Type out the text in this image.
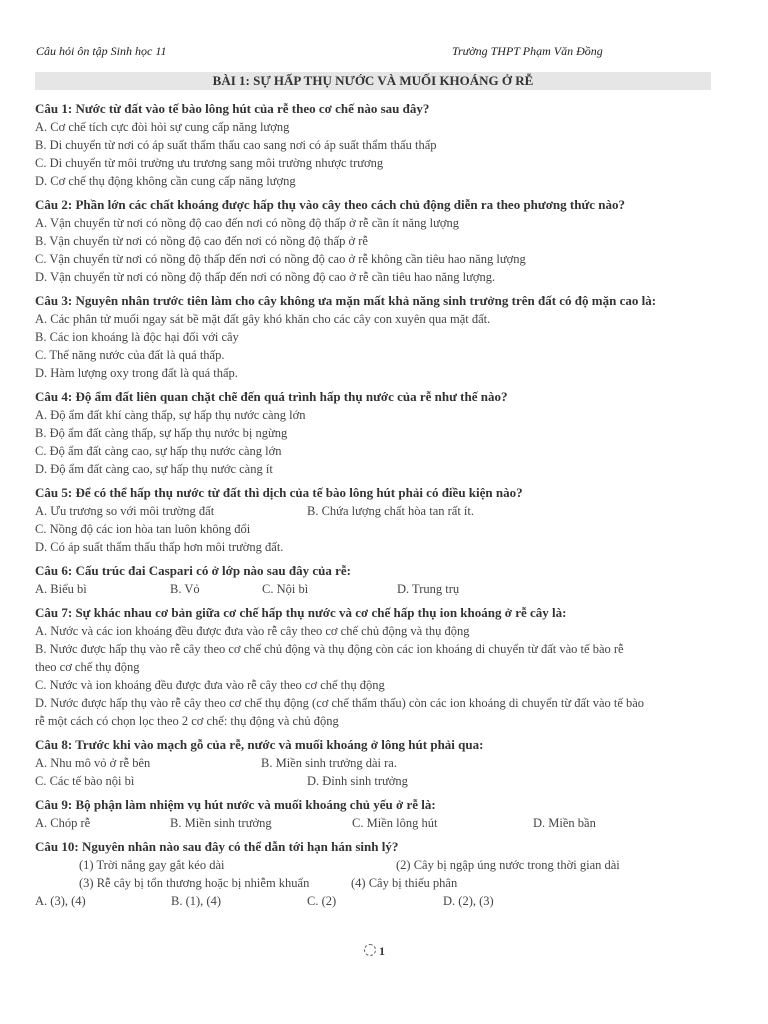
Câu hỏi ôn tập Sinh học 11	Trường THPT Phạm Văn Đồng
BÀI 1: SỰ HẤP THỤ NƯỚC VÀ MUỐI KHOÁNG Ở RỄ
Câu 1: Nước từ đất vào tế bào lông hút của rễ theo cơ chế nào sau đây?
A. Cơ chế tích cực đòi hỏi sự cung cấp năng lượng
B. Di chuyển từ nơi có áp suất thẩm thấu cao sang nơi có áp suất thẩm thấu thấp
C. Di chuyển từ môi trường ưu trương sang môi trường nhược trương
D. Cơ chế thụ động không cần cung cấp năng lượng
Câu 2: Phần lớn các chất khoáng được hấp thụ vào cây theo cách chủ động diễn ra theo phương thức nào?
A. Vận chuyển từ nơi có nồng độ cao đến nơi có nồng độ thấp ở rễ cần ít năng lượng
B. Vận chuyển từ nơi có nồng độ cao đến nơi có nồng độ thấp ở rễ
C. Vận chuyển từ nơi có nồng độ thấp đến nơi có nồng độ cao ở rễ không cần tiêu hao năng lượng
D. Vận chuyển từ nơi có nồng độ thấp đến nơi có nồng độ cao ở rễ cần tiêu hao năng lượng.
Câu 3: Nguyên nhân trước tiên làm cho cây không ưa mặn mất khả năng sinh trưởng trên đất có độ mặn cao là:
A. Các phân tử muối ngay sát bề mặt đất gây khó khăn cho các cây con xuyên qua mặt đất.
B. Các ion khoáng là độc hại đối với cây
C. Thế năng nước của đất là quá thấp.
D. Hàm lượng oxy trong đất là quá thấp.
Câu 4: Độ ẩm đất liên quan chặt chẽ đến quá trình hấp thụ nước của rễ như thế nào?
A. Độ ẩm đất khí càng thấp, sự hấp thụ nước càng lớn
B. Độ ẩm đất càng thấp, sự hấp thụ nước bị ngừng
C. Độ ẩm đất càng cao, sự hấp thụ nước càng lớn
D. Độ ẩm đất càng cao, sự hấp thụ nước càng ít
Câu 5: Để có thể hấp thụ nước từ đất thì dịch của tế bào lông hút phải có điều kiện nào?
A. Ưu trương so với môi trường đất	B. Chứa lượng chất hòa tan rất ít.
C. Nồng độ các ion hòa tan luôn không đổi
D. Có áp suất thẩm thấu thấp hơn môi trường đất.
Câu 6: Cấu trúc đai Caspari có ở lớp nào sau đây của rễ:
A. Biểu bì	B. Vỏ	C. Nội bì	D. Trung trụ
Câu 7: Sự khác nhau cơ bản giữa cơ chế hấp thụ nước và cơ chế hấp thụ ion khoáng ở rễ cây là:
A. Nước và các ion khoáng đều được đưa vào rễ cây theo cơ chế chủ động và thụ động
B. Nước được hấp thụ vào rễ cây theo cơ chế chủ động và thụ động còn các ion khoáng di chuyển từ đất vào tế bào rễ
theo cơ chế thụ động
C. Nước và ion khoáng đều được đưa vào rễ cây theo cơ chế thụ động
D. Nước được hấp thụ vào rễ cây theo cơ chế thụ động (cơ chế thẩm thấu) còn các ion khoáng di chuyển từ đất vào tế bào
rễ một cách có chọn lọc theo 2 cơ chế: thụ động và chủ động
Câu 8: Trước khi vào mạch gỗ của rễ, nước và muối khoáng ở lông hút phải qua:
A. Nhu mô vỏ ở rễ bên	B. Miền sinh trưởng dài ra.
C. Các tế bào nội bì	D. Đỉnh sinh trưởng
Câu 9: Bộ phận làm nhiệm vụ hút nước và muối khoáng chủ yếu ở rễ là:
A. Chóp rễ	B. Miền sinh trưởng	C. Miền lông hút	D. Miền bần
Câu 10: Nguyên nhân nào sau đây có thể dẫn tới hạn hán sinh lý?
(1) Trời nắng gay gắt kéo dài	(2) Cây bị ngập úng nước trong thời gian dài
(3) Rễ cây bị tổn thương hoặc bị nhiễm khuẩn	(4) Cây bị thiếu phân
A. (3), (4)	B. (1), (4)	C. (2)	D. (2), (3)
1
